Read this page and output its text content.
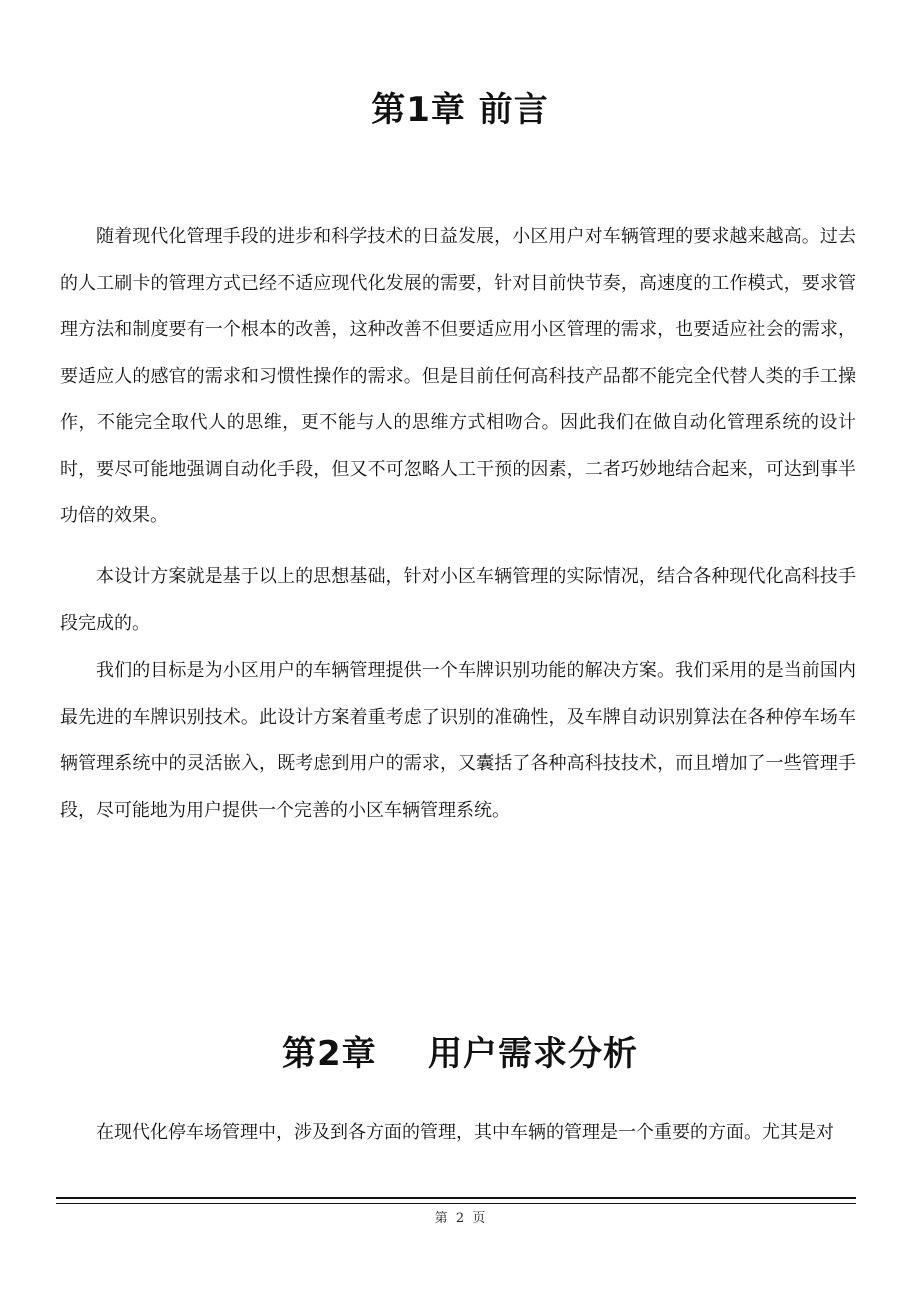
第1章 前言

随着现代化管理手段的进步和科学技术的日益发展，小区用户对车辆管理的要求越来越高。过去的人工刷卡的管理方式已经不适应现代化发展的需要，针对目前快节奏，高速度的工作模式，要求管理方法和制度要有一个根本的改善，这种改善不但要适应用小区管理的需求，也要适应社会的需求，要适应人的感官的需求和习惯性操作的需求。但是目前任何高科技产品都不能完全代替人类的手工操作，不能完全取代人的思维，更不能与人的思维方式相吻合。因此我们在做自动化管理系统的设计时，要尽可能地强调自动化手段，但又不可忽略人工干预的因素，二者巧妙地结合起来，可达到事半功倍的效果。

本设计方案就是基于以上的思想基础，针对小区车辆管理的实际情况，结合各种现代化高科技手段完成的。

我们的目标是为小区用户的车辆管理提供一个车牌识别功能的解决方案。我们采用的是当前国内最先进的车牌识别技术。此设计方案着重考虑了识别的准确性，及车牌自动识别算法在各种停车场车辆管理系统中的灵活嵌入，既考虑到用户的需求，又囊括了各种高科技技术，而且增加了一些管理手段，尽可能地为用户提供一个完善的小区车辆管理系统。

第2章    用户需求分析

在现代化停车场管理中，涉及到各方面的管理，其中车辆的管理是一个重要的方面。尤其是对

第  2  页
